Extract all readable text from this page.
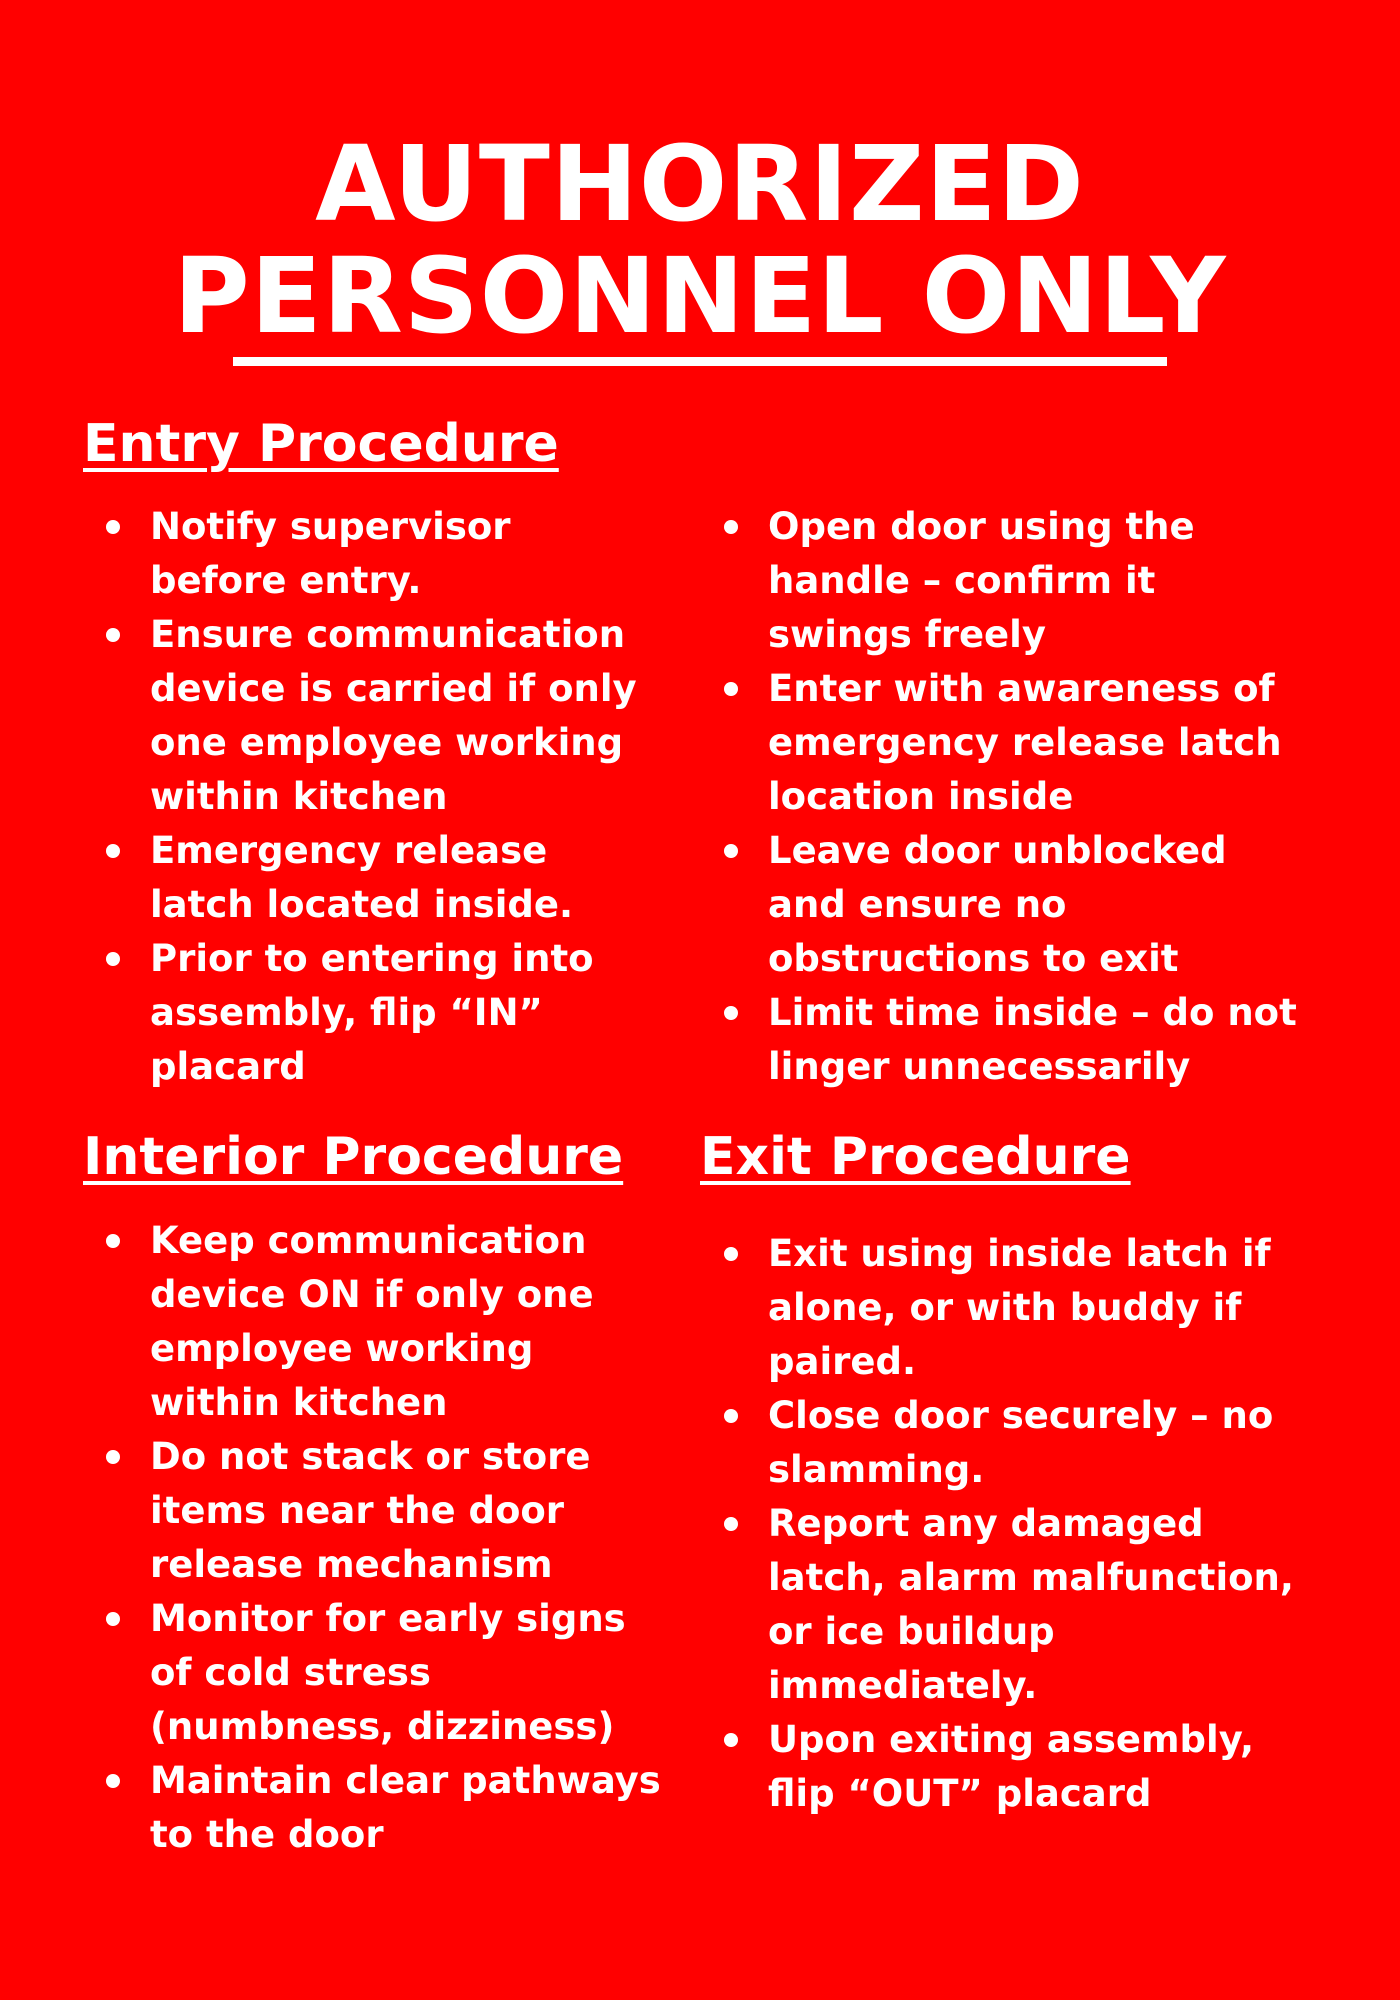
AUTHORIZED
PERSONNEL ONLY
Entry Procedure
Notify supervisor before entry.
Ensure communication device is carried if only one employee working within kitchen
Emergency release latch located inside.
Prior to entering into assembly, flip “IN” placard
Open door using the handle – confirm it swings freely
Enter with awareness of emergency release latch location inside
Leave door unblocked and ensure no obstructions to exit
Limit time inside – do not linger unnecessarily
Interior Procedure
Keep communication device ON if only one employee working within kitchen
Do not stack or store items near the door release mechanism
Monitor for early signs of cold stress (numbness, dizziness)
Maintain clear pathways to the door
Exit Procedure
Exit using inside latch if alone, or with buddy if paired.
Close door securely – no slamming.
Report any damaged latch, alarm malfunction, or ice buildup immediately.
Upon exiting assembly, flip “OUT” placard
